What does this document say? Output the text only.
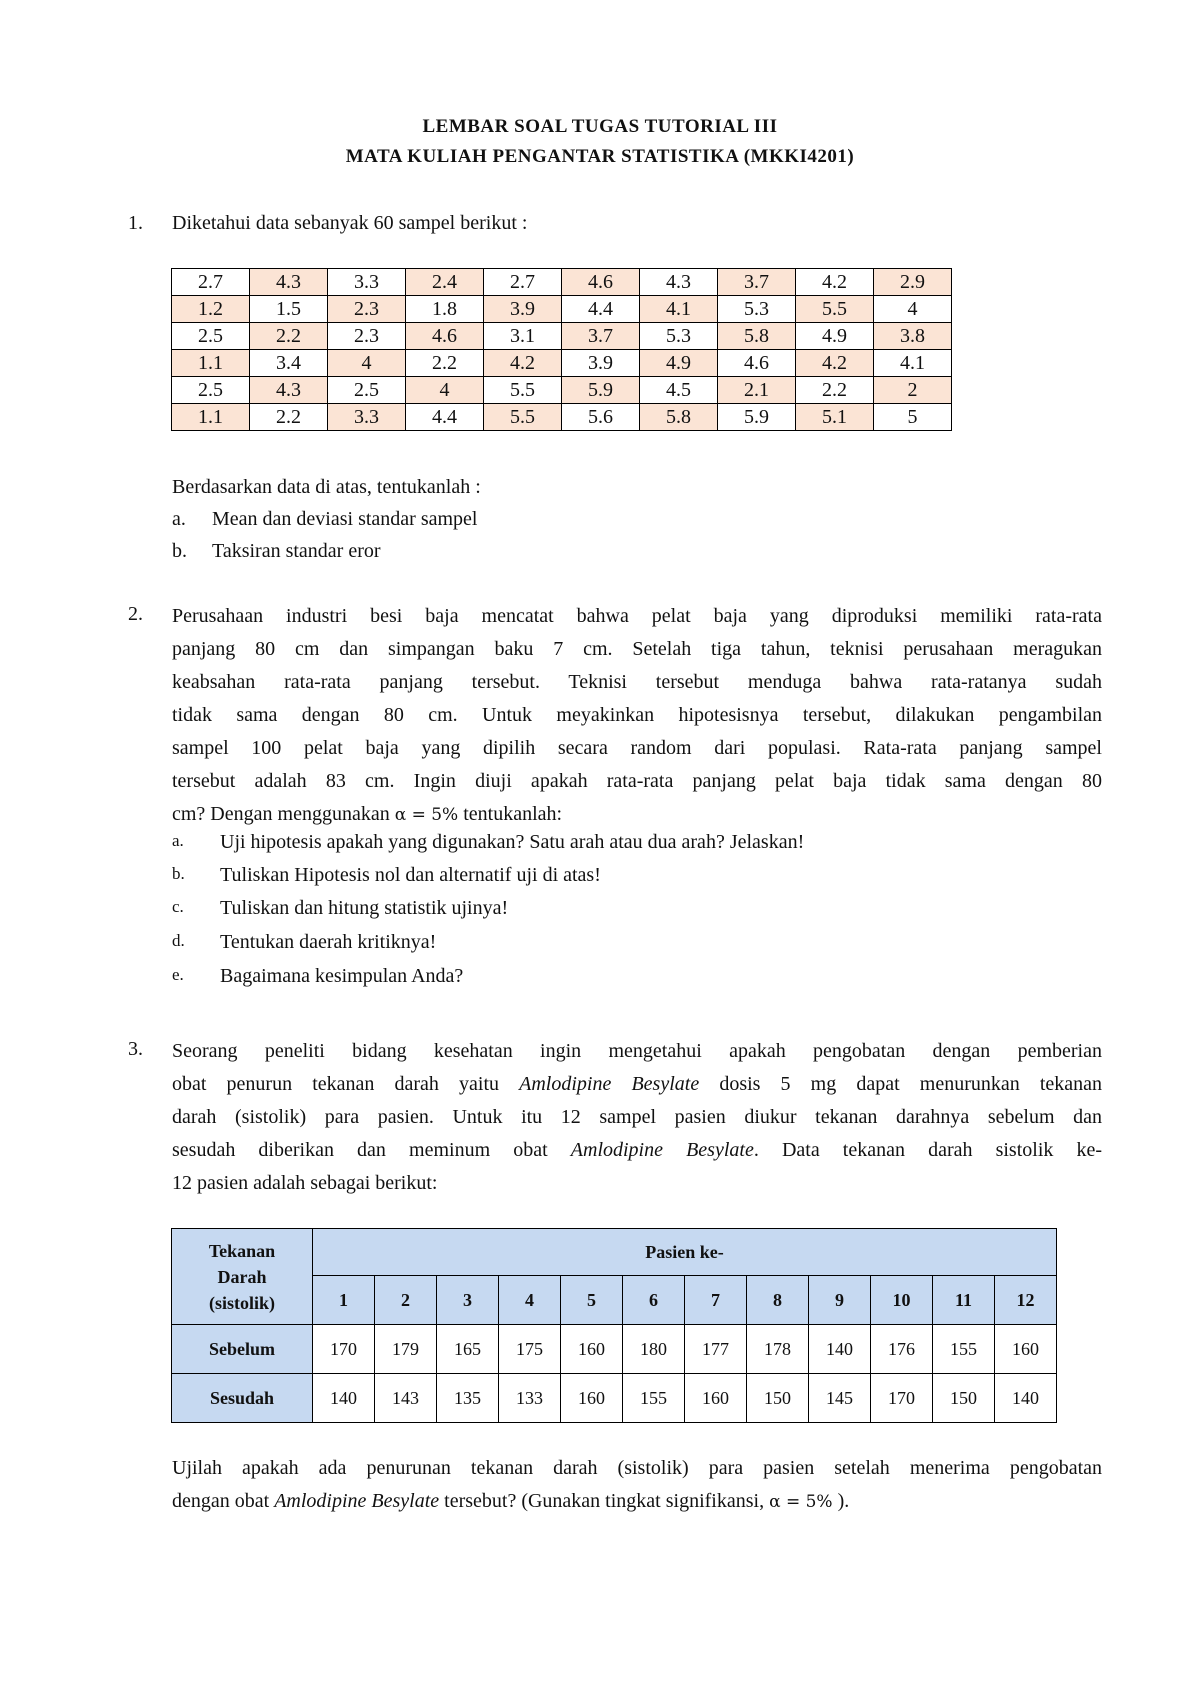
LEMBAR SOAL TUGAS TUTORIAL III
MATA KULIAH PENGANTAR STATISTIKA (MKKI4201)
1. Diketahui data sebanyak 60 sampel berikut :
2.7	4.3	3.3	2.4	2.7	4.6	4.3	3.7	4.2	2.9
1.2	1.5	2.3	1.8	3.9	4.4	4.1	5.3	5.5	4
2.5	2.2	2.3	4.6	3.1	3.7	5.3	5.8	4.9	3.8
1.1	3.4	4	2.2	4.2	3.9	4.9	4.6	4.2	4.1
2.5	4.3	2.5	4	5.5	5.9	4.5	2.1	2.2	2
1.1	2.2	3.3	4.4	5.5	5.6	5.8	5.9	5.1	5
Berdasarkan data di atas, tentukanlah :
a. Mean dan deviasi standar sampel
b. Taksiran standar eror
2. Perusahaan industri besi baja mencatat bahwa pelat baja yang diproduksi memiliki rata-rata
panjang 80 cm dan simpangan baku 7 cm. Setelah tiga tahun, teknisi perusahaan meragukan
keabsahan rata-rata panjang tersebut. Teknisi tersebut menduga bahwa rata-ratanya sudah
tidak sama dengan 80 cm. Untuk meyakinkan hipotesisnya tersebut, dilakukan pengambilan
sampel 100 pelat baja yang dipilih secara random dari populasi. Rata-rata panjang sampel
tersebut adalah 83 cm. Ingin diuji apakah rata-rata panjang pelat baja tidak sama dengan 80
cm? Dengan menggunakan α = 5% tentukanlah:
a. Uji hipotesis apakah yang digunakan? Satu arah atau dua arah? Jelaskan!
b. Tuliskan Hipotesis nol dan alternatif uji di atas!
c. Tuliskan dan hitung statistik ujinya!
d. Tentukan daerah kritiknya!
e. Bagaimana kesimpulan Anda?
3. Seorang peneliti bidang kesehatan ingin mengetahui apakah pengobatan dengan pemberian
obat penurun tekanan darah yaitu Amlodipine Besylate dosis 5 mg dapat menurunkan tekanan
darah (sistolik) para pasien. Untuk itu 12 sampel pasien diukur tekanan darahnya sebelum dan
sesudah diberikan dan meminum obat Amlodipine Besylate. Data tekanan darah sistolik ke-
12 pasien adalah sebagai berikut:
Tekanan
Darah
(sistolik)	Pasien ke-											
	1	2	3	4	5	6	7	8	9	10	11	12
Sebelum	170	179	165	175	160	180	177	178	140	176	155	160
Sesudah	140	143	135	133	160	155	160	150	145	170	150	140
Ujilah apakah ada penurunan tekanan darah (sistolik) para pasien setelah menerima pengobatan
dengan obat Amlodipine Besylate tersebut? (Gunakan tingkat signifikansi, α = 5% ).
